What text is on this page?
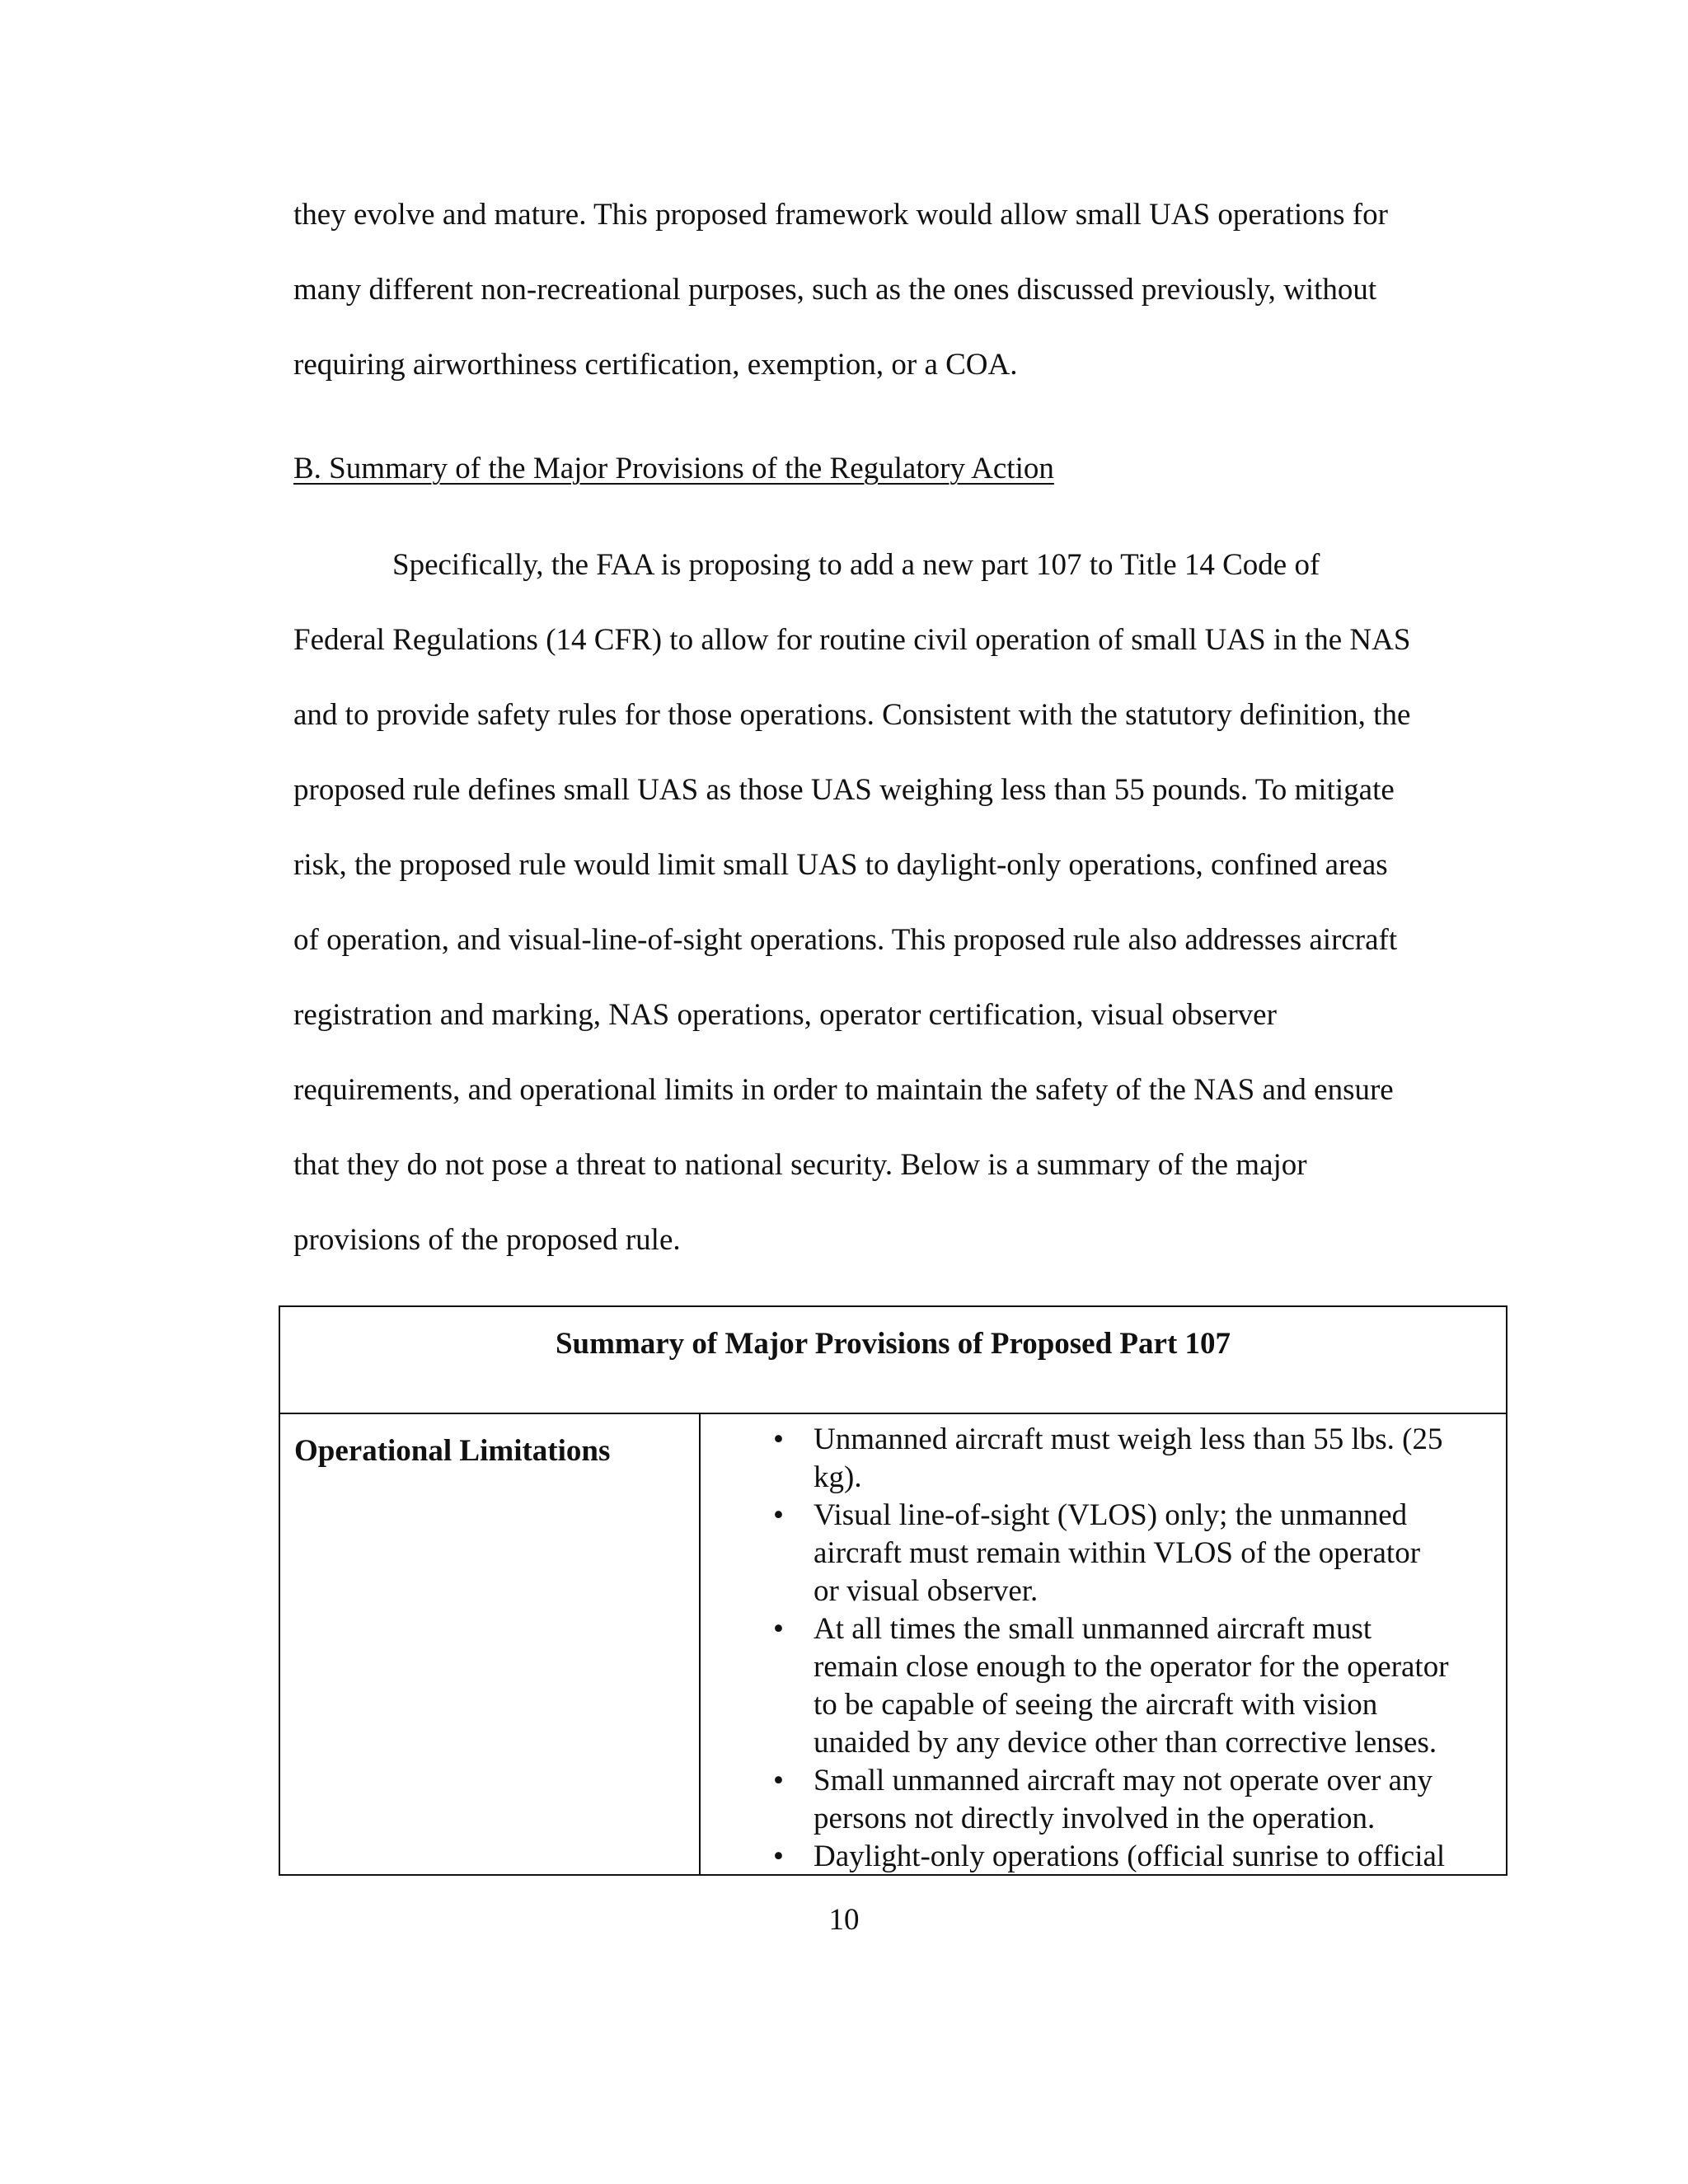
they evolve and mature. This proposed framework would allow small UAS operations for
many different non-recreational purposes, such as the ones discussed previously, without
requiring airworthiness certification, exemption, or a COA.
B. Summary of the Major Provisions of the Regulatory Action
Specifically, the FAA is proposing to add a new part 107 to Title 14 Code of
Federal Regulations (14 CFR) to allow for routine civil operation of small UAS in the NAS
and to provide safety rules for those operations. Consistent with the statutory definition, the
proposed rule defines small UAS as those UAS weighing less than 55 pounds. To mitigate
risk, the proposed rule would limit small UAS to daylight-only operations, confined areas
of operation, and visual-line-of-sight operations. This proposed rule also addresses aircraft
registration and marking, NAS operations, operator certification, visual observer
requirements, and operational limits in order to maintain the safety of the NAS and ensure
that they do not pose a threat to national security. Below is a summary of the major
provisions of the proposed rule.
Summary of Major Provisions of Proposed Part 107
Operational Limitations	• Unmanned aircraft must weigh less than 55 lbs. (25
kg).
• Visual line-of-sight (VLOS) only; the unmanned
aircraft must remain within VLOS of the operator
or visual observer.
• At all times the small unmanned aircraft must
remain close enough to the operator for the operator
to be capable of seeing the aircraft with vision
unaided by any device other than corrective lenses.
• Small unmanned aircraft may not operate over any
persons not directly involved in the operation.
• Daylight-only operations (official sunrise to official
10
